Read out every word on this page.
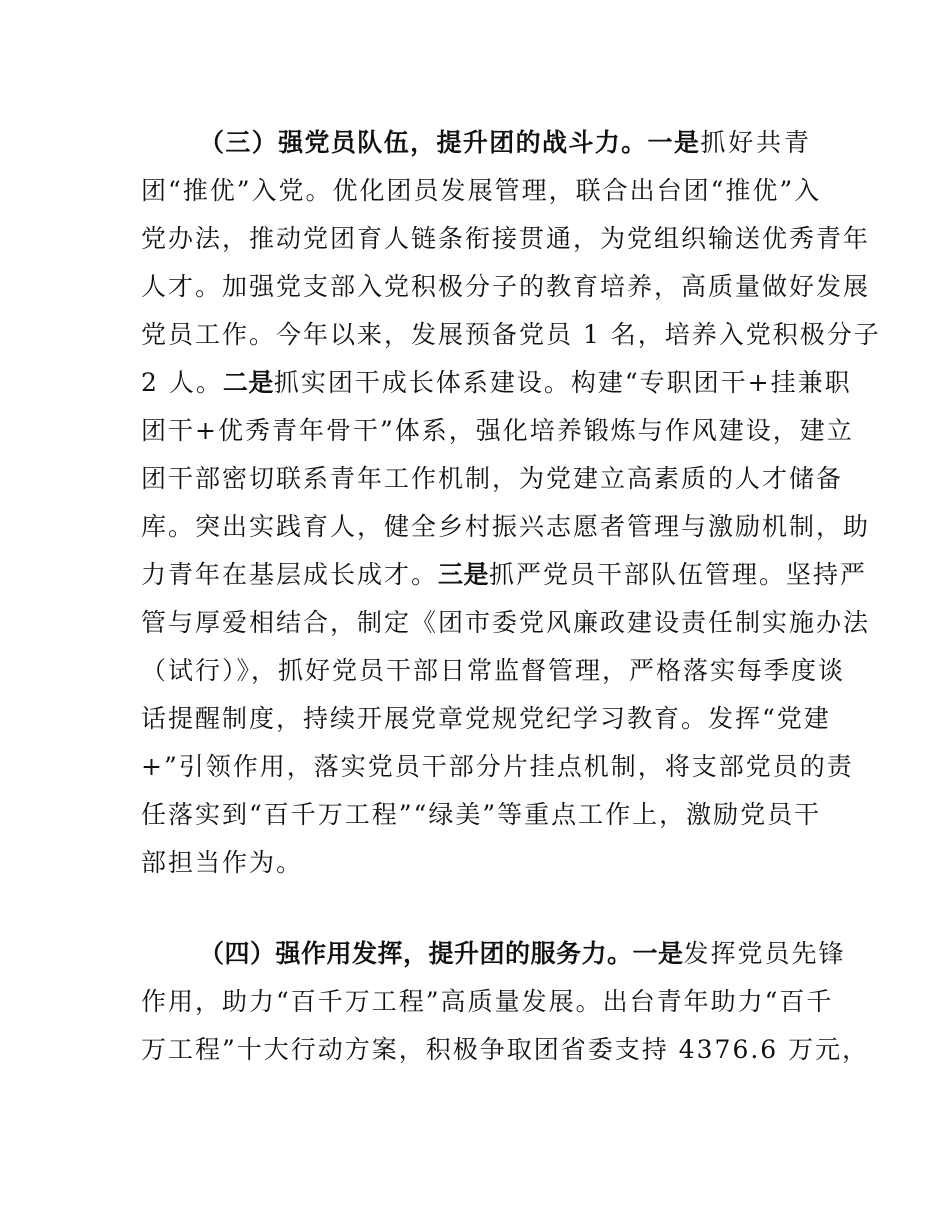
（三）强党员队伍，提升团的战斗力。一是抓好共青
团“推优”入党。优化团员发展管理，联合出台团“推优”入
党办法，推动党团育人链条衔接贯通，为党组织输送优秀青年
人才。加强党支部入党积极分子的教育培养，高质量做好发展
党员工作。今年以来，发展预备党员 1 名，培养入党积极分子
2 人。二是抓实团干成长体系建设。构建“专职团干+挂兼职
团干+优秀青年骨干”体系，强化培养锻炼与作风建设，建立
团干部密切联系青年工作机制，为党建立高素质的人才储备
库。突出实践育人，健全乡村振兴志愿者管理与激励机制，助
力青年在基层成长成才。三是抓严党员干部队伍管理。坚持严
管与厚爱相结合，制定《团市委党风廉政建设责任制实施办法
（试行）》，抓好党员干部日常监督管理，严格落实每季度谈
话提醒制度，持续开展党章党规党纪学习教育。发挥“党建
+”引领作用，落实党员干部分片挂点机制，将支部党员的责
任落实到“百千万工程”“绿美”等重点工作上，激励党员干
部担当作为。
（四）强作用发挥，提升团的服务力。一是发挥党员先锋
作用，助力“百千万工程”高质量发展。出台青年助力“百千
万工程”十大行动方案，积极争取团省委支持 4376.6 万元，
